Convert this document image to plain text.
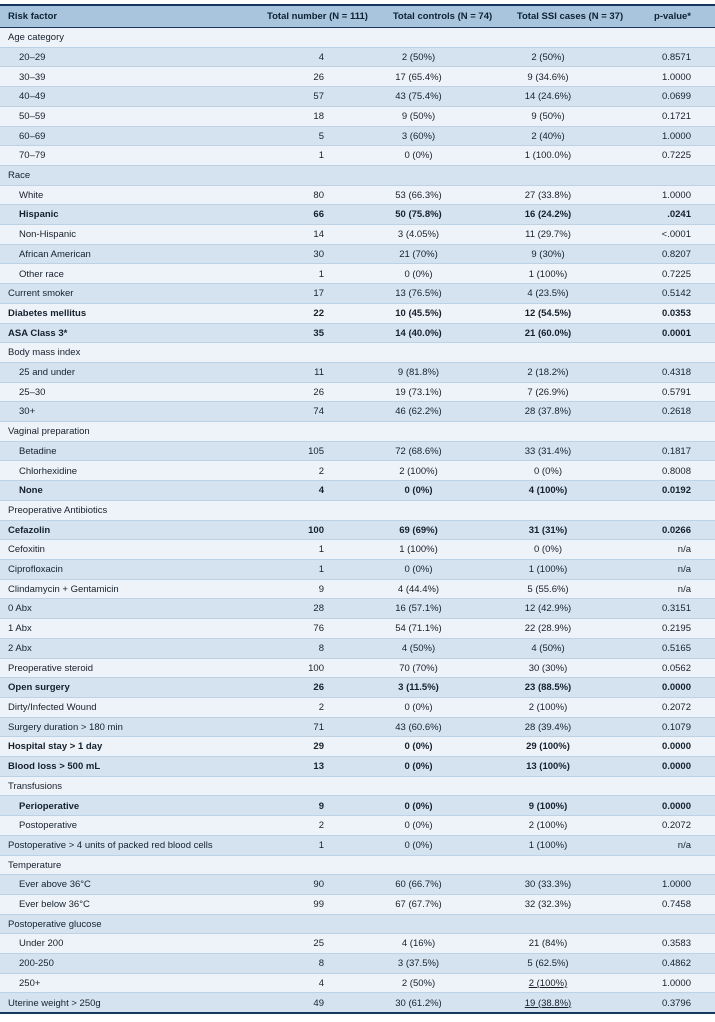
Risk factor	Total number (N = 111)	Total controls (N = 74)	Total SSI cases (N = 37)	p-value*
Age category
20–29	4	2 (50%)	2 (50%)	0.8571
30–39	26	17 (65.4%)	9 (34.6%)	1.0000
40–49	57	43 (75.4%)	14 (24.6%)	0.0699
50–59	18	9 (50%)	9 (50%)	0.1721
60–69	5	3 (60%)	2 (40%)	1.0000
70–79	1	0 (0%)	1 (100.0%)	0.7225
Race
White	80	53 (66.3%)	27 (33.8%)	1.0000
Hispanic	66	50 (75.8%)	16 (24.2%)	.0241
Non-Hispanic	14	3 (4.05%)	11 (29.7%)	<.0001
African American	30	21 (70%)	9 (30%)	0.8207
Other race	1	0 (0%)	1 (100%)	0.7225
Current smoker	17	13 (76.5%)	4 (23.5%)	0.5142
Diabetes mellitus	22	10 (45.5%)	12 (54.5%)	0.0353
ASA Class 3*	35	14 (40.0%)	21 (60.0%)	0.0001
Body mass index
25 and under	11	9 (81.8%)	2 (18.2%)	0.4318
25–30	26	19 (73.1%)	7 (26.9%)	0.5791
30+	74	46 (62.2%)	28 (37.8%)	0.2618
Vaginal preparation
Betadine	105	72 (68.6%)	33 (31.4%)	0.1817
Chlorhexidine	2	2 (100%)	0 (0%)	0.8008
None	4	0 (0%)	4 (100%)	0.0192
Preoperative Antibiotics
Cefazolin	100	69 (69%)	31 (31%)	0.0266
Cefoxitin	1	1 (100%)	0 (0%)	n/a
Ciprofloxacin	1	0 (0%)	1 (100%)	n/a
Clindamycin + Gentamicin	9	4 (44.4%)	5 (55.6%)	n/a
0 Abx	28	16 (57.1%)	12 (42.9%)	0.3151
1 Abx	76	54 (71.1%)	22 (28.9%)	0.2195
2 Abx	8	4 (50%)	4 (50%)	0.5165
Preoperative steroid	100	70 (70%)	30 (30%)	0.0562
Open surgery	26	3 (11.5%)	23 (88.5%)	0.0000
Dirty/Infected Wound	2	0 (0%)	2 (100%)	0.2072
Surgery duration > 180 min	71	43 (60.6%)	28 (39.4%)	0.1079
Hospital stay > 1 day	29	0 (0%)	29 (100%)	0.0000
Blood loss > 500 mL	13	0 (0%)	13 (100%)	0.0000
Transfusions
Perioperative	9	0 (0%)	9 (100%)	0.0000
Postoperative	2	0 (0%)	2 (100%)	0.2072
Postoperative > 4 units of packed red blood cells	1	0 (0%)	1 (100%)	n/a
Temperature
Ever above 36°C	90	60 (66.7%)	30 (33.3%)	1.0000
Ever below 36°C	99	67 (67.7%)	32 (32.3%)	0.7458
Postoperative glucose
Under 200	25	4 (16%)	21 (84%)	0.3583
200-250	8	3 (37.5%)	5 (62.5%)	0.4862
250+	4	2 (50%)	2 (100%)	1.0000
Uterine weight > 250g	49	30 (61.2%)	19 (38.8%)	0.3796
